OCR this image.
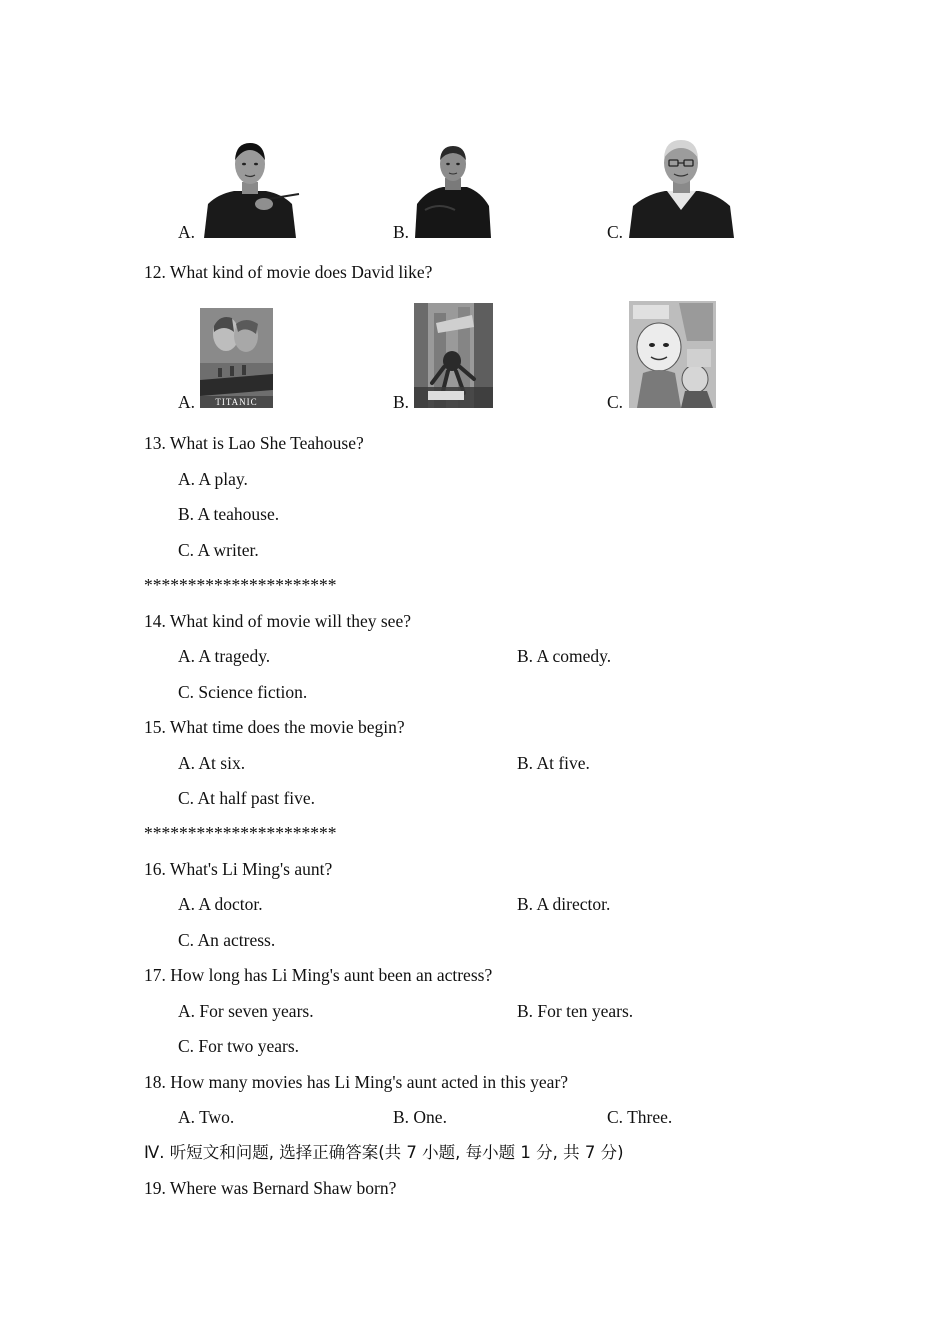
A.	B.	C.
12. What kind of movie does David like?
A.	TITANIC	B.	C.
13. What is Lao She Teahouse?
A. A play.
B. A teahouse.
C. A writer.
**********************
14. What kind of movie will they see?
A. A tragedy.	B. A comedy.
C. Science fiction.
15. What time does the movie begin?
A. At six.	B. At five.
C. At half past five.
**********************
16. What's Li Ming's aunt?
A. A doctor.	B. A director.
C. An actress.
17. How long has Li Ming's aunt been an actress?
A. For seven years.	B. For ten years.
C. For two years.
18. How many movies has Li Ming's aunt acted in this year?
A. Two.	B. One.	C. Three.
Ⅳ. 听短文和问题, 选择正确答案(共 7 小题, 每小题 1 分, 共 7 分)
19. Where was Bernard Shaw born?
